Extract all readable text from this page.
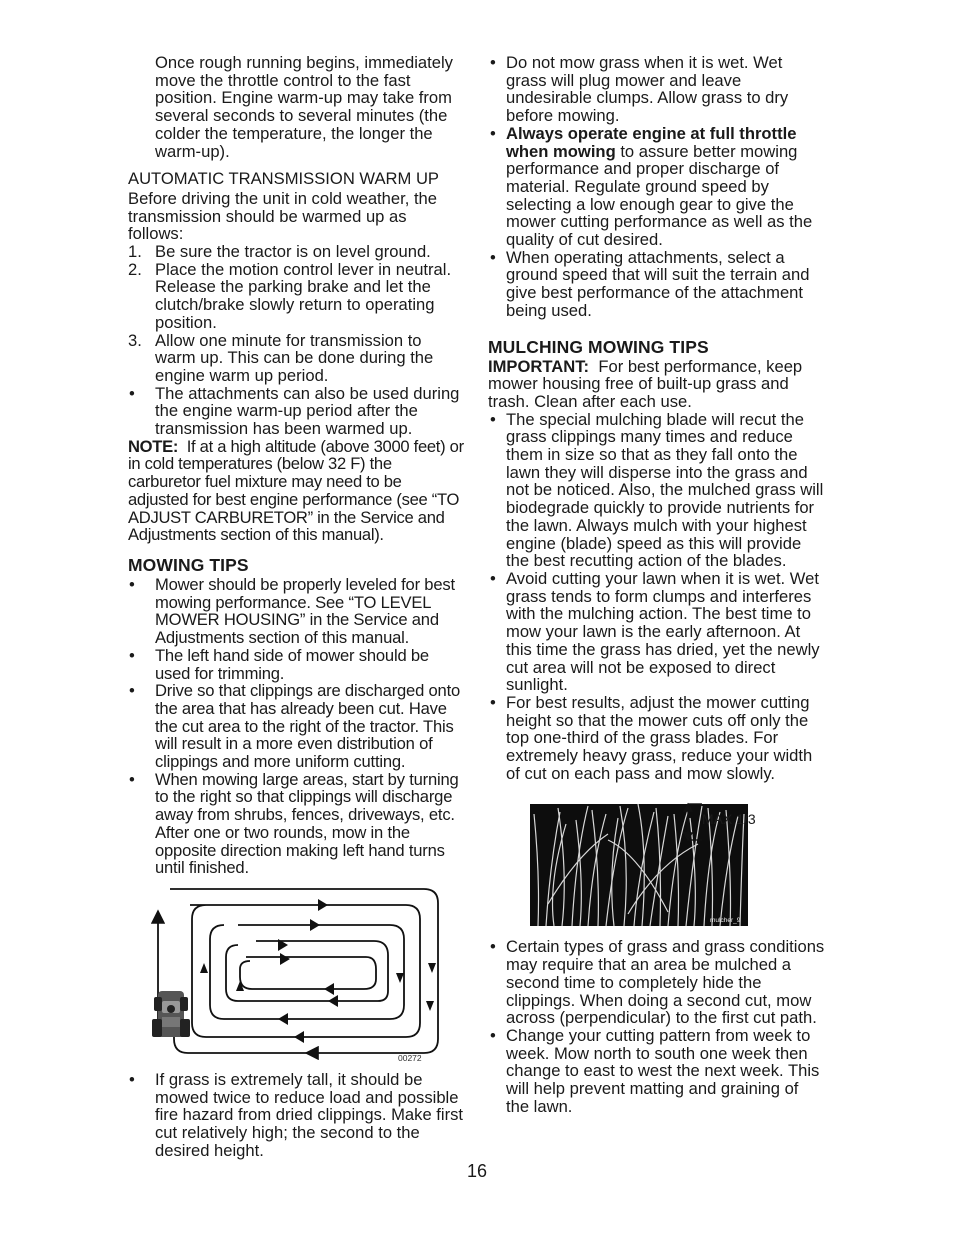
Once rough running begins, immediately move the throttle control to the fast position. Engine warm-up may take from several seconds to several minutes (the colder the temperature, the longer the warm-up).

AUTOMATIC TRANSMISSION WARM UP

Before driving the unit in cold weather, the transmission should be warmed up as follows:

1. Be sure the tractor is on level ground.
2. Place the motion control lever in neutral. Release the parking brake and let the clutch/brake slowly return to operating position.
3. Allow one minute for transmission to warm up. This can be done during the engine warm up period.
•	The attachments can also be used during the engine warm-up period after the transmission has been warmed up.

NOTE: If at a high altitude (above 3000 feet) or in cold temperatures (below 32 F) the carburetor fuel mixture may need to be adjusted for best engine performance (see “TO ADJUST CARBURETOR” in the Service and Adjustments section of this manual).

MOWING TIPS
•	Mower should be properly leveled for best mowing performance. See “TO LEVEL MOWER HOUSING” in the Service and Adjustments section of this manual.
•	The left hand side of mower should be used for trimming.
•	Drive so that clippings are discharged onto the area that has already been cut. Have the cut area to the right of the tractor. This will result in a more even distribution of clippings and more uniform cutting.
•	When mowing large areas, start by turning to the right so that clippings will discharge away from shrubs, fences, driveways, etc. After one or two rounds, mow in the opposite direction making left hand turns until finished.
00272
•	If grass is extremely tall, it should be mowed twice to reduce load and possible fire hazard from dried clippings. Make first cut relatively high; the second to the desired height.
• Do not mow grass when it is wet. Wet grass will plug mower and leave undesirable clumps. Allow grass to dry before mowing.
• Always operate engine at full throttle when mowing to assure better mowing performance and proper discharge of material. Regulate ground speed by selecting a low enough gear to give the mower cutting performance as well as the quality of cut desired.
• When operating attachments, select a ground speed that will suit the terrain and give best performance of the attachment being used.
MULCHING MOWING TIPS

IMPORTANT: For best performance, keep mower housing free of built-up grass and trash. Clean after each use.

• The special mulching blade will recut the grass clippings many times and reduce them in size so that as they fall onto the lawn they will disperse into the grass and not be noticed. Also, the mulched grass will biodegrade quickly to provide nutrients for the lawn. Always mulch with your highest engine (blade) speed as this will provide the best recutting action of the blades.
• Avoid cutting your lawn when it is wet. Wet grass tends to form clumps and interferes with the mulching action. The best time to mow your lawn is the early afternoon. At this time the grass has dried, yet the newly cut area will not be exposed to direct sunlight.
• For best results, adjust the mower cutting height so that the mower cuts off only the top one-third of the grass blades. For extremely heavy grass, reduce your width of cut on each pass and mow slowly.
MAX 1/3
mulcher_9
• Certain types of grass and grass conditions may require that an area be mulched a second time to completely hide the clippings. When doing a second cut, mow across (perpendicular) to the first cut path.
• Change your cutting pattern from week to week. Mow north to south one week then change to east to west the next week. This will help prevent matting and graining of the lawn.
16
